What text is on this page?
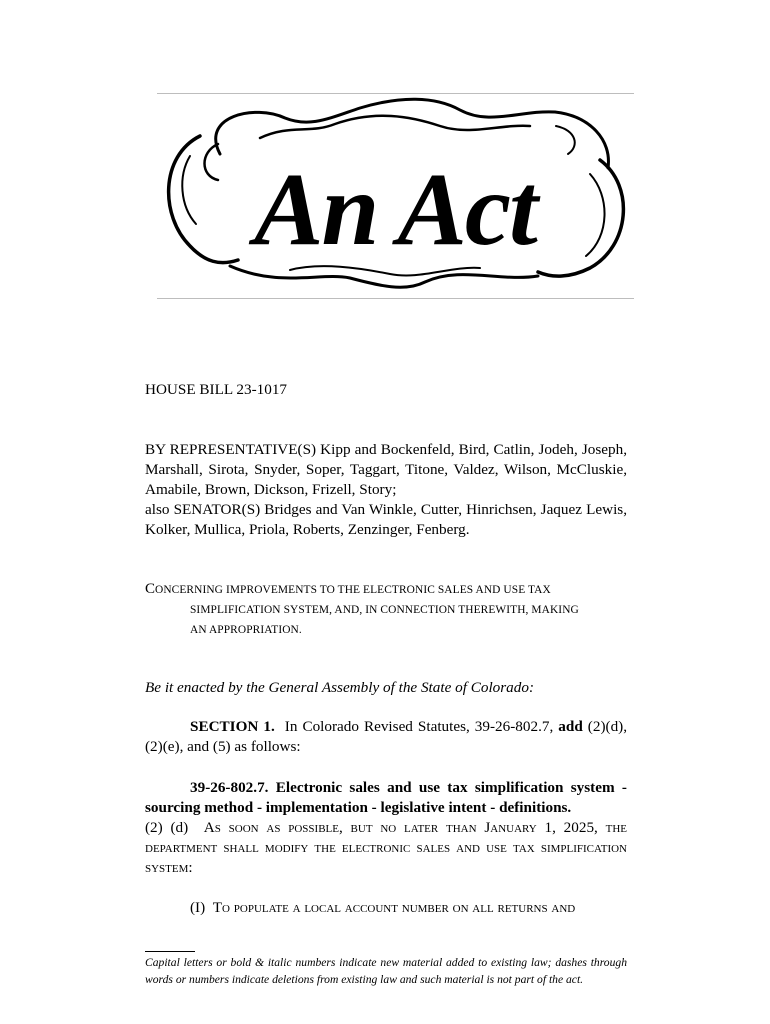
An Act
HOUSE BILL 23-1017
BY REPRESENTATIVE(S) Kipp and Bockenfeld, Bird, Catlin, Jodeh, Joseph, Marshall, Sirota, Snyder, Soper, Taggart, Titone, Valdez, Wilson, McCluskie, Amabile, Brown, Dickson, Frizell, Story;
also SENATOR(S) Bridges and Van Winkle, Cutter, Hinrichsen, Jaquez Lewis, Kolker, Mullica, Priola, Roberts, Zenzinger, Fenberg.
CONCERNING IMPROVEMENTS TO THE ELECTRONIC SALES AND USE TAX
SIMPLIFICATION SYSTEM, AND, IN CONNECTION THEREWITH, MAKING
AN APPROPRIATION.
Be it enacted by the General Assembly of the State of Colorado:
SECTION 1. In Colorado Revised Statutes, 39-26-802.7, add (2)(d), (2)(e), and (5) as follows:
39-26-802.7. Electronic sales and use tax simplification system - sourcing method - implementation - legislative intent - definitions.
(2) (d) As soon as possible, but no later than January 1, 2025, the department shall modify the electronic sales and use tax simplification system:
(I) To populate a local account number on all returns and
Capital letters or bold & italic numbers indicate new material added to existing law; dashes through words or numbers indicate deletions from existing law and such material is not part of the act.
